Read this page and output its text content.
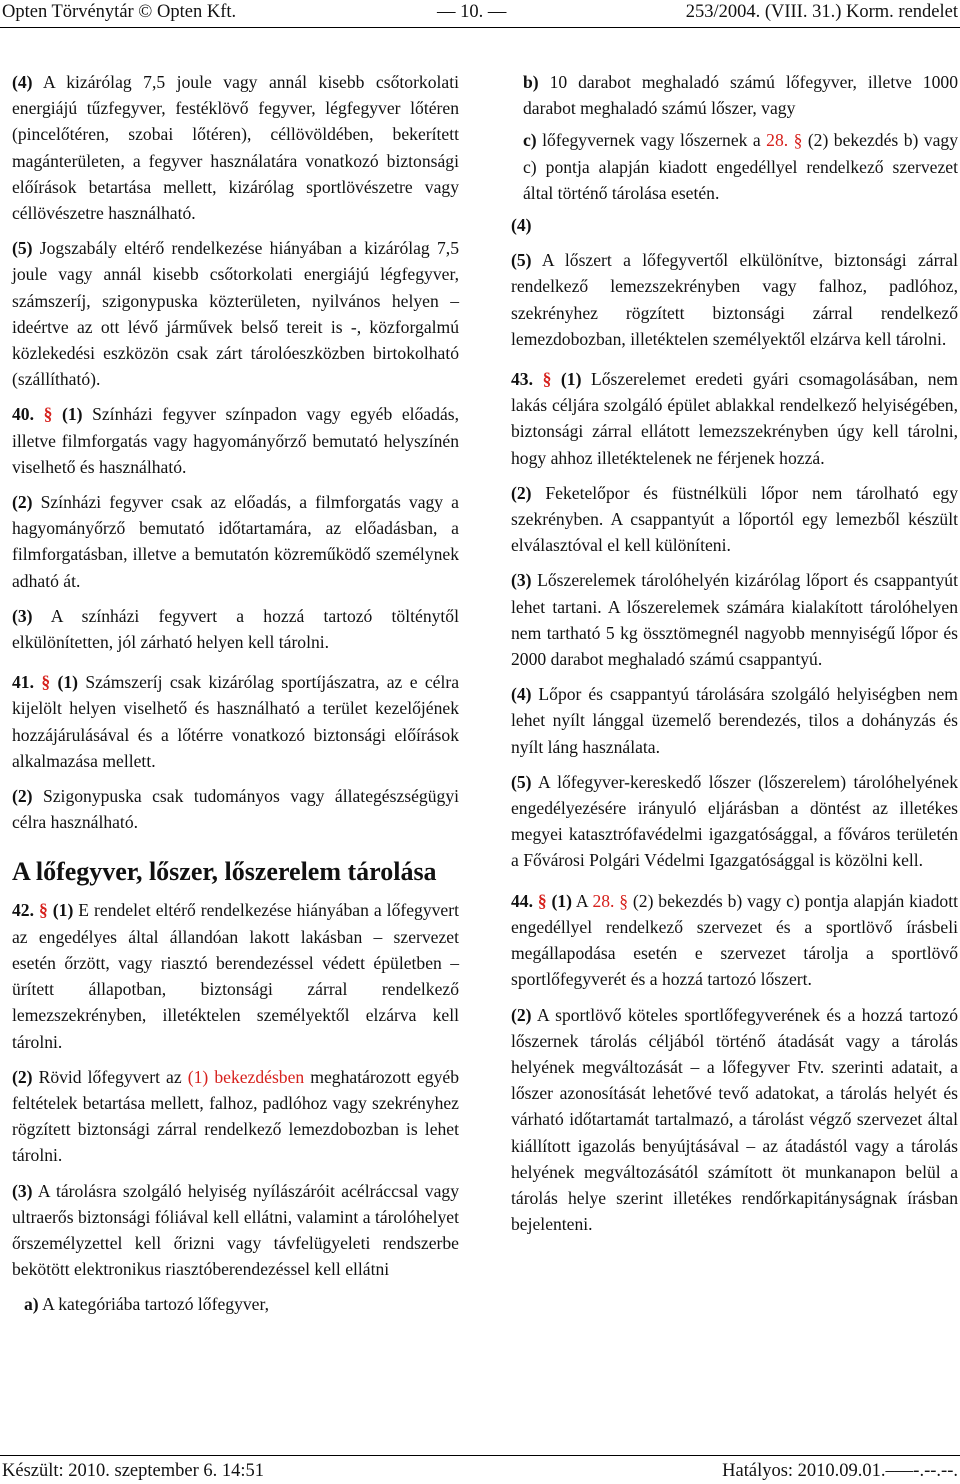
Opten Törvénytár © Opten Kft.	— 10. —	253/2004. (VIII. 31.) Korm. rendelet

(4) A kizárólag 7,5 joule vagy annál kisebb csőtorkolati energiájú tűzfegyver, festéklövő fegyver, légfegyver lőtéren (pincelőtéren, szobai lőtéren), céllövöldében, bekerített magánterületen, a fegyver használatára vonatkozó biztonsági előírások betartása mellett, kizárólag sportlövészetre vagy céllövészetre használható.

(5) Jogszabály eltérő rendelkezése hiányában a kizárólag 7,5 joule vagy annál kisebb csőtorkolati energiájú légfegyver, számszeríj, szigonypuska közterületen, nyilvános helyen – ideértve az ott lévő járművek belső tereit is -, közforgalmú közlekedési eszközön csak zárt tárolóeszközben birtokolható (szállítható).

40. § (1) Színházi fegyver színpadon vagy egyéb előadás, illetve filmforgatás vagy hagyományőrző bemutató helyszínén viselhető és használható.

(2) Színházi fegyver csak az előadás, a filmforgatás vagy a hagyományőrző bemutató időtartamára, az előadásban, a filmforgatásban, illetve a bemutatón közreműködő személynek adható át.

(3) A színházi fegyvert a hozzá tartozó tölténytől elkülönítetten, jól zárható helyen kell tárolni.

41. § (1) Számszeríj csak kizárólag sportíjászatra, az e célra kijelölt helyen viselhető és használható a terület kezelőjének hozzájárulásával és a lőtérre vonatkozó biztonsági előírások alkalmazása mellett.

(2) Szigonypuska csak tudományos vagy állategészségügyi célra használható.

A lőfegyver, lőszer, lőszerelem tárolása

42. § (1) E rendelet eltérő rendelkezése hiányában a lőfegyvert az engedélyes által állandóan lakott lakásban – szervezet esetén őrzött, vagy riasztó berendezéssel védett épületben – ürített állapotban, biztonsági zárral rendelkező lemezszekrényben, illetéktelen személyektől elzárva kell tárolni.

(2) Rövid lőfegyvert az (1) bekezdésben meghatározott egyéb feltételek betartása mellett, falhoz, padlóhoz vagy szekrényhez rögzített biztonsági zárral rendelkező lemezdobozban is lehet tárolni.

(3) A tárolásra szolgáló helyiség nyílászáróit acélráccsal vagy ultraerős biztonsági fóliával kell ellátni, valamint a tárolóhelyet őrszemélyzettel kell őrizni vagy távfelügyeleti rendszerbe bekötött elektronikus riasztóberendezéssel kell ellátni

a) A kategóriába tartozó lőfegyver,

b) 10 darabot meghaladó számú lőfegyver, illetve 1000 darabot meghaladó számú lőszer, vagy

c) lőfegyvernek vagy lőszernek a 28. § (2) bekezdés b) vagy c) pontja alapján kiadott engedéllyel rendelkező szervezet által történő tárolása esetén.

(4)

(5) A lőszert a lőfegyvertől elkülönítve, biztonsági zárral rendelkező lemezszekrényben vagy falhoz, padlóhoz, szekrényhez rögzített biztonsági zárral rendelkező lemezdobozban, illetéktelen személyektől elzárva kell tárolni.

43. § (1) Lőszerelemet eredeti gyári csomagolásában, nem lakás céljára szolgáló épület ablakkal rendelkező helyiségében, biztonsági zárral ellátott lemezszekrényben úgy kell tárolni, hogy ahhoz illetéktelenek ne férjenek hozzá.

(2) Feketelőpor és füstnélküli lőpor nem tárolható egy szekrényben. A csappantyút a lőportól egy lemezből készült elválasztóval el kell különíteni.

(3) Lőszerelemek tárolóhelyén kizárólag lőport és csappantyút lehet tartani. A lőszerelemek számára kialakított tárolóhelyen nem tartható 5 kg össztömegnél nagyobb mennyiségű lőpor és 2000 darabot meghaladó számú csappantyú.

(4) Lőpor és csappantyú tárolására szolgáló helyiségben nem lehet nyílt lánggal üzemelő berendezés, tilos a dohányzás és nyílt láng használata.

(5) A lőfegyver-kereskedő lőszer (lőszerelem) tárolóhelyének engedélyezésére irányuló eljárásban a döntést az illetékes megyei katasztrófavédelmi igazgatósággal, a főváros területén a Fővárosi Polgári Védelmi Igazgatósággal is közölni kell.

44. § (1) A 28. § (2) bekezdés b) vagy c) pontja alapján kiadott engedéllyel rendelkező szervezet és a sportlövő írásbeli megállapodása esetén e szervezet tárolja a sportlövő sportlőfegyverét és a hozzá tartozó lőszert.

(2) A sportlövő köteles sportlőfegyverének és a hozzá tartozó lőszernek tárolás céljából történő átadását vagy a tárolás helyének megváltozását – a lőfegyver Ftv. szerinti adatait, a lőszer azonosítását lehetővé tevő adatokat, a tárolás helyét és várható időtartamát tartalmazó, a tárolást végző szervezet által kiállított igazolás benyújtásával – az átadástól vagy a tárolás helyének megváltozásától számított öt munkanapon belül a tárolás helye szerint illetékes rendőrkapitányságnak írásban bejelenteni.

Készült: 2010. szeptember 6. 14:51	Hatályos: 2010.09.01.–––-.--.--.
